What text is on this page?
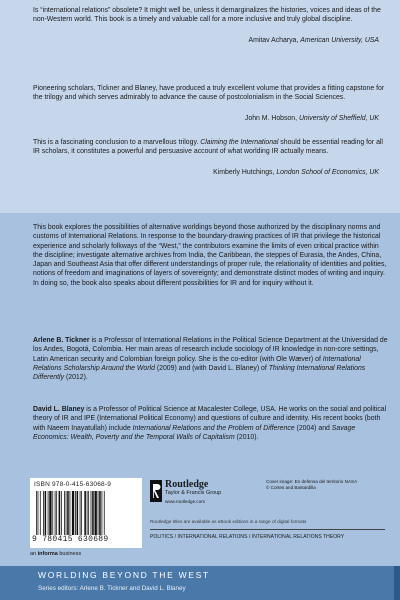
Is “international relations” obsolete? It might well be, unless it demarginalizes the histories, voices and ideas of the non-Western world. This book is a timely and valuable call for a more inclusive and truly global discipline.

Amitav Acharya, American University, USA

Pioneering scholars, Tickner and Blaney, have produced a truly excellent volume that provides a fitting capstone for the trilogy and which serves admirably to advance the cause of postcolonialism in the Social Sciences.

John M. Hobson, University of Sheffield, UK

This is a fascinating conclusion to a marvellous trilogy. Claiming the International should be essential reading for all IR scholars, it constitutes a powerful and persuasive account of what worlding IR actually means.

Kimberly Hutchings, London School of Economics, UK

This book explores the possibilities of alternative worldings beyond those authorized by the disciplinary norms and customs of International Relations. In response to the boundary-drawing practices of IR that privilege the historical experience and scholarly folkways of the “West,” the contributors examine the limits of even critical practice within the discipline; investigate alternative archives from India, the Caribbean, the steppes of Eurasia, the Andes, China, Japan and Southeast Asia that offer different understandings of proper rule, the relationality of identities and polities, notions of freedom and imaginations of layers of sovereignty; and demonstrate distinct modes of writing and inquiry. In doing so, the book also speaks about different possibilities for IR and for inquiry without it.

Arlene B. Tickner is a Professor of International Relations in the Political Science Department at the Universidad de los Andes, Bogotá, Colombia. Her main areas of research include sociology of IR knowledge in non-core settings, Latin American security and Colombian foreign policy. She is the co-editor (with Ole Wæver) of International Relations Scholarship Around the World (2009) and (with David L. Blaney) of Thinking International Relations Differently (2012).

David L. Blaney is a Professor of Political Science at Macalester College, USA. He works on the social and political theory of IR and IPE (International Political Economy) and questions of culture and identity. His recent books (both with Naeem Inayatullah) include International Relations and the Problem of Difference (2004) and Savage Economics: Wealth, Poverty and the Temporal Walls of Capitalism (2010).

ISBN 978-0-415-63068-9
9 780415 630689
an informa business
Routledge
Taylor & Francis Group
www.routledge.com
Cover image: En defensa del territorio NASA
© Cortes and Bastardilla
Routledge titles are available as eBook editions in a range of digital formats
POLITICS / INTERNATIONAL RELATIONS / INTERNATIONAL RELATIONS THEORY
WORLDING BEYOND THE WEST
Series editors: Arlene B. Tickner and David L. Blaney
